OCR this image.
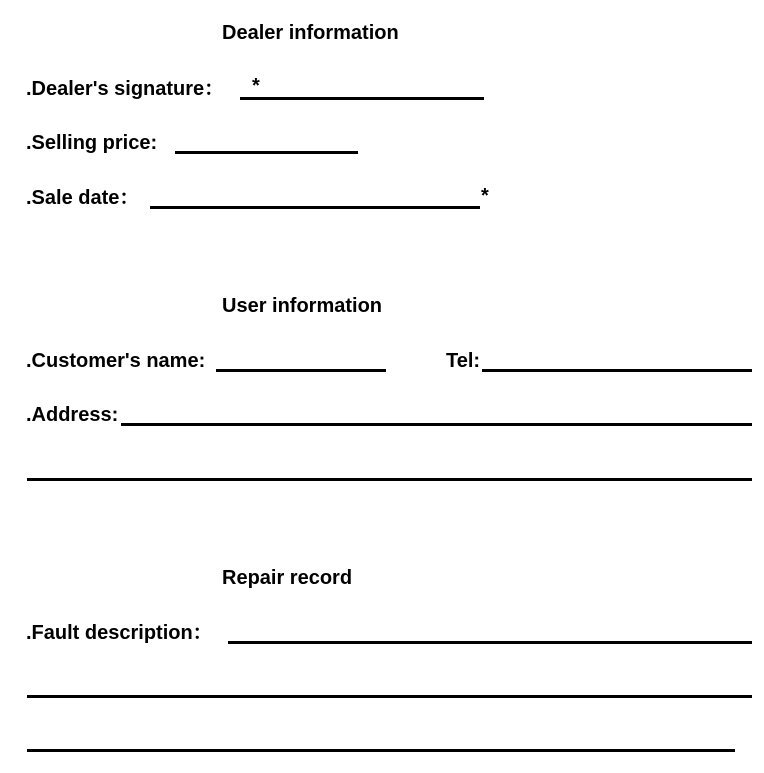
Dealer information
.Dealer's signature： *
.Selling price:
.Sale date：	*
User information
.Customer's name:	Tel:
.Address:
Repair record
.Fault description：
